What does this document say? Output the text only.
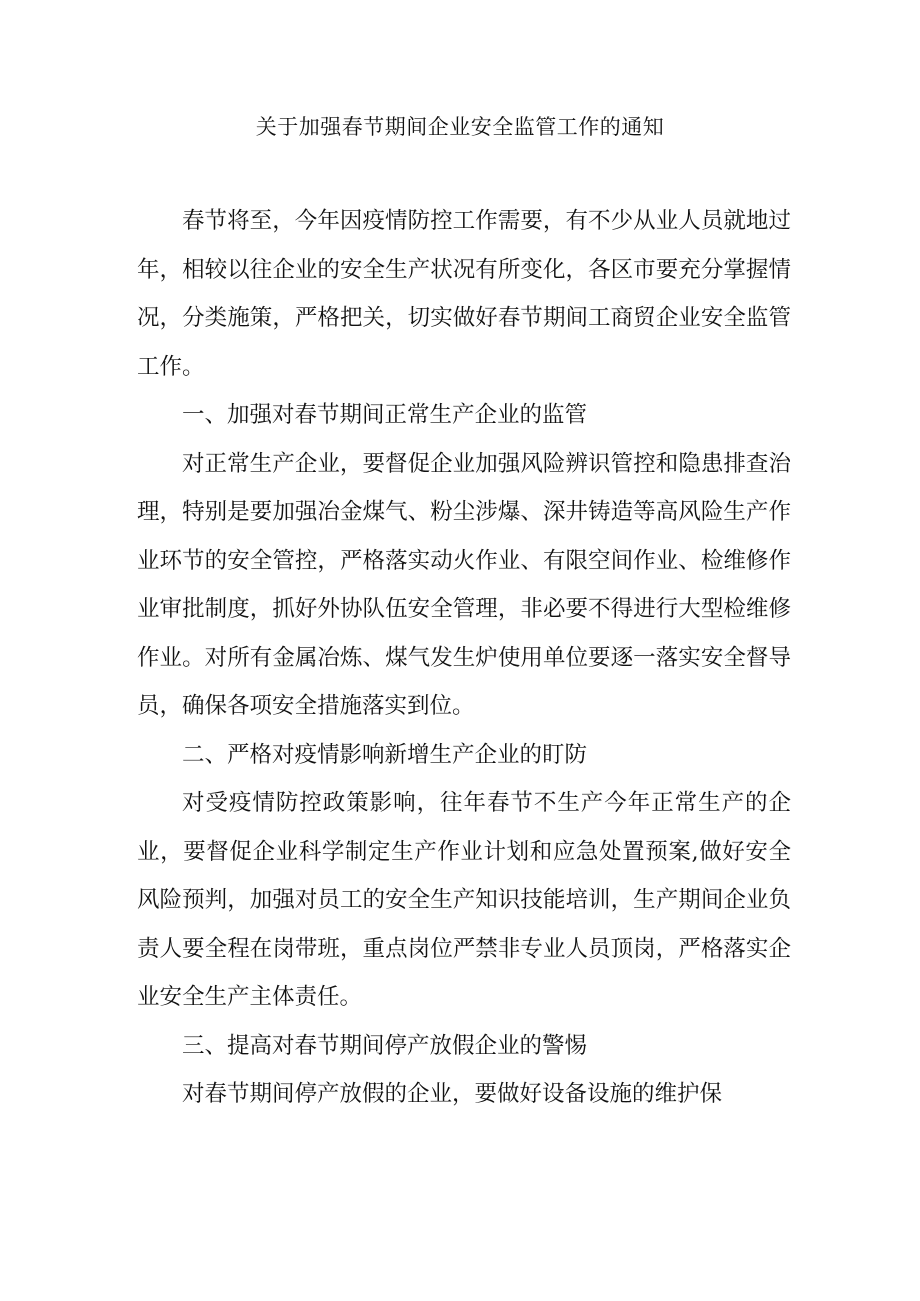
关于加强春节期间企业安全监管工作的通知

春节将至，今年因疫情防控工作需要，有不少从业人员就地过年，相较以往企业的安全生产状况有所变化，各区市要充分掌握情况，分类施策，严格把关，切实做好春节期间工商贸企业安全监管工作。

一、加强对春节期间正常生产企业的监管

对正常生产企业，要督促企业加强风险辨识管控和隐患排查治理，特别是要加强冶金煤气、粉尘涉爆、深井铸造等高风险生产作业环节的安全管控，严格落实动火作业、有限空间作业、检维修作业审批制度，抓好外协队伍安全管理，非必要不得进行大型检维修作业。对所有金属冶炼、煤气发生炉使用单位要逐一落实安全督导员，确保各项安全措施落实到位。

二、严格对疫情影响新增生产企业的盯防

对受疫情防控政策影响，往年春节不生产今年正常生产的企业，要督促企业科学制定生产作业计划和应急处置预案,做好安全风险预判，加强对员工的安全生产知识技能培训，生产期间企业负责人要全程在岗带班，重点岗位严禁非专业人员顶岗，严格落实企业安全生产主体责任。

三、提高对春节期间停产放假企业的警惕

对春节期间停产放假的企业，要做好设备设施的维护保
